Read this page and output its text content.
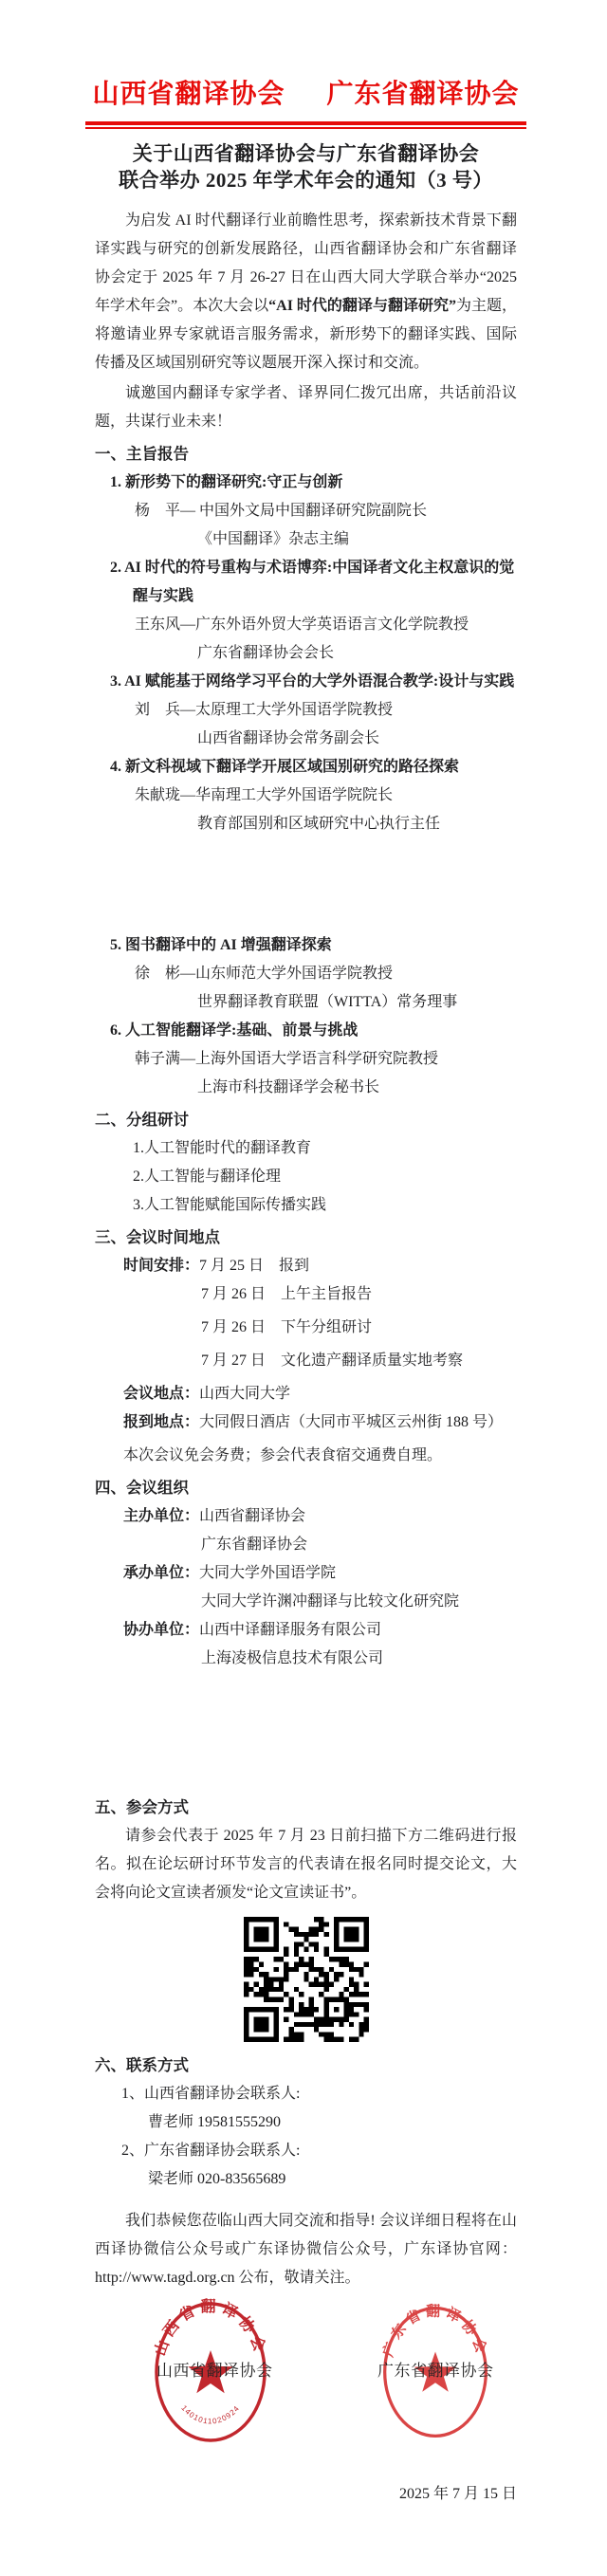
山西省翻译协会 广东省翻译协会
关于山西省翻译协会与广东省翻译协会
联合举办 2025 年学术年会的通知（3 号）

为启发 AI 时代翻译行业前瞻性思考，探索新技术背景下翻译实践与研究的创新发展路径，山西省翻译协会和广东省翻译协会定于 2025 年 7 月 26-27 日在山西大同大学联合举办“2025 年学术年会”。本次大会以“AI 时代的翻译与翻译研究”为主题，将邀请业界专家就语言服务需求，新形势下的翻译实践、国际传播及区域国别研究等议题展开深入探讨和交流。

诚邀国内翻译专家学者、译界同仁拨冗出席，共话前沿议题，共谋行业未来！

一、主旨报告
1. 新形势下的翻译研究:守正与创新
杨　平— 中国外文局中国翻译研究院副院长
《中国翻译》杂志主编
2. AI 时代的符号重构与术语博弈:中国译者文化主权意识的觉醒与实践
王东风—广东外语外贸大学英语语言文化学院教授
广东省翻译协会会长
3. AI 赋能基于网络学习平台的大学外语混合教学:设计与实践
刘　兵—太原理工大学外国语学院教授
山西省翻译协会常务副会长
4. 新文科视域下翻译学开展区域国别研究的路径探索
朱献珑—华南理工大学外国语学院院长
教育部国别和区域研究中心执行主任
5. 图书翻译中的 AI 增强翻译探索
徐　彬—山东师范大学外国语学院教授
世界翻译教育联盟（WITTA）常务理事
6. 人工智能翻译学:基础、前景与挑战
韩子满—上海外国语大学语言科学研究院教授
上海市科技翻译学会秘书长
二、分组研讨
1.人工智能时代的翻译教育
2.人工智能与翻译伦理
3.人工智能赋能国际传播实践
三、会议时间地点
时间安排：7 月 25 日　报到
7 月 26 日　上午主旨报告
7 月 26 日　下午分组研讨
7 月 27 日　文化遗产翻译质量实地考察
会议地点：山西大同大学
报到地点：大同假日酒店（大同市平城区云州街 188 号）
本次会议免会务费；参会代表食宿交通费自理。
四、会议组织
主办单位：山西省翻译协会
广东省翻译协会
承办单位：大同大学外国语学院
大同大学许渊冲翻译与比较文化研究院
协办单位：山西中译翻译服务有限公司
上海凌极信息技术有限公司
五、参会方式

请参会代表于 2025 年 7 月 23 日前扫描下方二维码进行报名。拟在论坛研讨环节发言的代表请在报名同时提交论文，大会将向论文宣读者颁发“论文宣读证书”。

六、联系方式
1、山西省翻译协会联系人:
曹老师 19581555290
2、广东省翻译协会联系人:
梁老师 020-83565689

我们恭候您莅临山西大同交流和指导! 会议详细日程将在山西译协微信公众号或广东译协微信公众号，广东译协官网：http://www.tagd.org.cn 公布，敬请关注。

山西省翻译协会
1401011020924
广东省翻译协会
山西省翻译协会	广东省翻译协会
2025 年 7 月 15 日
